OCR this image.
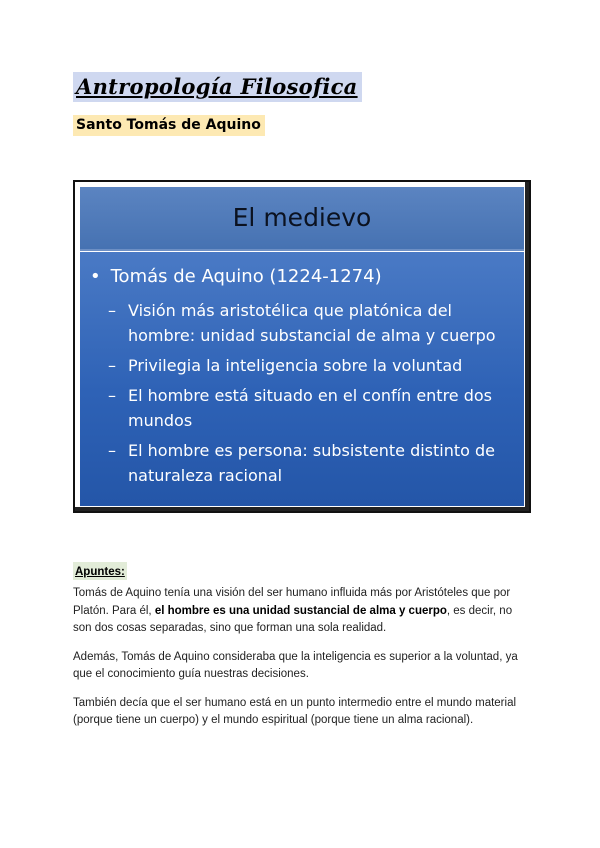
Antropología Filosofica
Santo Tomás de Aquino
El medievo
• Tomás de Aquino (1224-1274)
– Visión más aristotélica que platónica del hombre: unidad substancial de alma y cuerpo
– Privilegia la inteligencia sobre la voluntad
– El hombre está situado en el confín entre dos mundos
– El hombre es persona: subsistente distinto de naturaleza racional
Apuntes:

Tomás de Aquino tenía una visión del ser humano influida más por Aristóteles que por Platón. Para él, el hombre es una unidad sustancial de alma y cuerpo, es decir, no son dos cosas separadas, sino que forman una sola realidad.

Además, Tomás de Aquino consideraba que la inteligencia es superior a la voluntad, ya que el conocimiento guía nuestras decisiones.

También decía que el ser humano está en un punto intermedio entre el mundo material (porque tiene un cuerpo) y el mundo espiritual (porque tiene un alma racional).
